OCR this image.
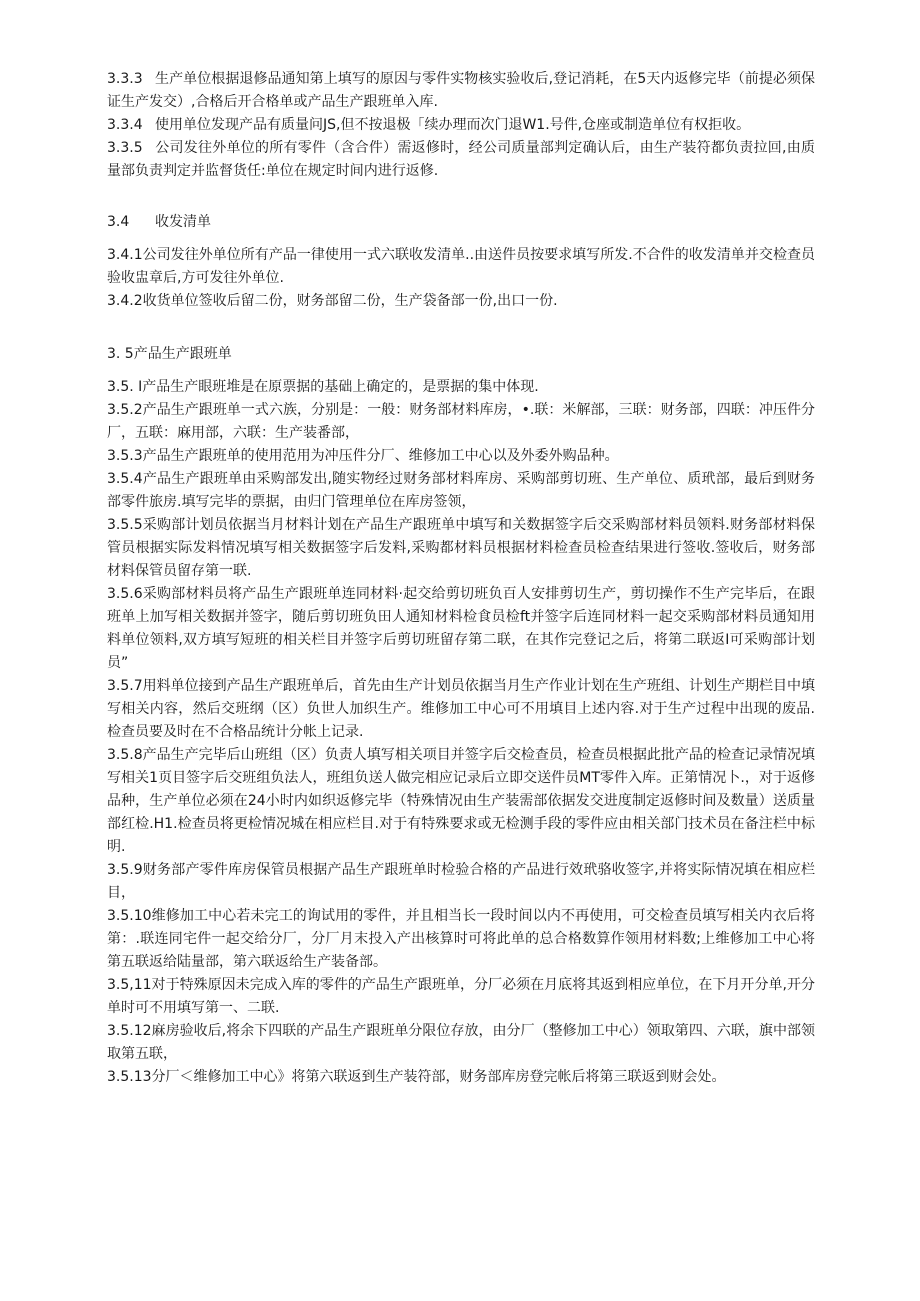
3.3.3 生产单位根据退修品通知第上填写的原因与零件实物核实验收后,登记消耗，在5天内返修完毕（前提必须保证生产发交）,合格后开合格单或产品生产跟班单入库.

3.3.4 使用单位发现产品有质量问JS,但不按退极「续办理而次门退W1.号件,仓座或制造单位有权拒收。

3.3.5 公司发往外单位的所有零件（含合件）需返修时，经公司质量部判定确认后，由生产装符都负责拉回,由质量部负责判定并监督货任:单位在规定时间内进行返修.

3.4 收发清单

3.4.1公司发往外单位所有产品一律使用一式六联收发清单..由送件员按要求填写所发.不合件的收发清单并交检查员验收盅章后,方可发往外单位.

3.4.2收货单位签收后留二份，财务部留二份，生产袋备部一份,出口一份.

3. 5产品生产跟班单

3.5. I产品生产眼班堆是在原票据的基础上确定的，是票据的集中体现.

3.5.2产品生产跟班单一式六族，分别是：一般：财务部材料库房，•.联：米解部，三联：财务部，四联：冲压件分厂，五联：麻用部，六联：生产装番部，

3.5.3产品生产跟班单的使用范用为冲压件分厂、维修加工中心以及外委外购品种。

3.5.4产品生产跟班单由采购部发出,随实物经过财务部材料库房、采购部剪切班、生产单位、质玳部，最后到财务部零件旅房.填写完毕的票据，由归门管理单位在库房签领，

3.5.5采购部计划员依据当月材料计划在产品生产跟班单中填写和关数据签字后交采购部材料员领料.财务部材料保管员根据实际发料情况填写相关数据签字后发料,采购都材料员根据材料检查员检查结果进行签收.签收后，财务部材料保管员留存第一联.

3.5.6采购部材料员将产品生产跟班单连同材料·起交给剪切班负百人安排剪切生产，剪切操作不生产完毕后，在跟班单上加写相关数据并签字，随后剪切班负田人通知材料检食员检ft并签字后连同材料一起交采购部材料员通知用料单位领料,双方填写短班的相关栏目并签字后剪切班留存第二联，在其作完登记之后，将第二联返I可采购部计划员”

3.5.7用料单位接到产品生产跟班单后，首先由生产计划员依据当月生产作业计划在生产班组、计划生产期栏目中填写相关内容，然后交班纲（区）负世人加织生产。维修加工中心可不用填目上述内容.对于生产过程中出现的废品.检查员要及时在不合格品统计分帐上记录.

3.5.8产品生产完毕后山班组（区）负责人填写相关项目并签字后交检查员，检查员根据此批产品的检查记录情况填写相关1页目签字后交班组负法人，班组负送人做完相应记录后立即交送件员MT零件入库。正第情况卜.，对于返修品种，生产单位必须在24小时内如织返修完毕（特殊情况由生产装需部依据发交进度制定返修时间及数量）送质量部红检.H1.检查员将更检情况城在相应栏目.对于有特殊要求或无检测手段的零件应由相关部门技术员在备注栏中标明.

3.5.9财务部产零件库房保管员根据产品生产跟班单时检验合格的产品进行效玳骆收签字,并将实际情况填在相应栏目，

3.5.10维修加工中心若未完工的询试用的零件，并且相当长一段时间以内不再使用，可交检查员填写相关内衣后将第：.联连同宅件一起交给分厂，分厂月末投入产出核算时可将此单的总合格数算作领用材料数;上维修加工中心将第五联返给陆量部，第六联返给生产装备部。

3.5,11对于特殊原因未完成入库的零件的产品生产跟班单，分厂必须在月底将其返到相应单位，在下月开分单,开分单时可不用填写第一、二联.

3.5.12麻房验收后,将余下四联的产品生产跟班单分限位存放，由分厂（整修加工中心）领取第四、六联，旗中部领取第五联，

3.5.13分厂＜维修加工中心》将第六联返到生产装符部，财务部库房登完帐后将第三联返到财会处。
